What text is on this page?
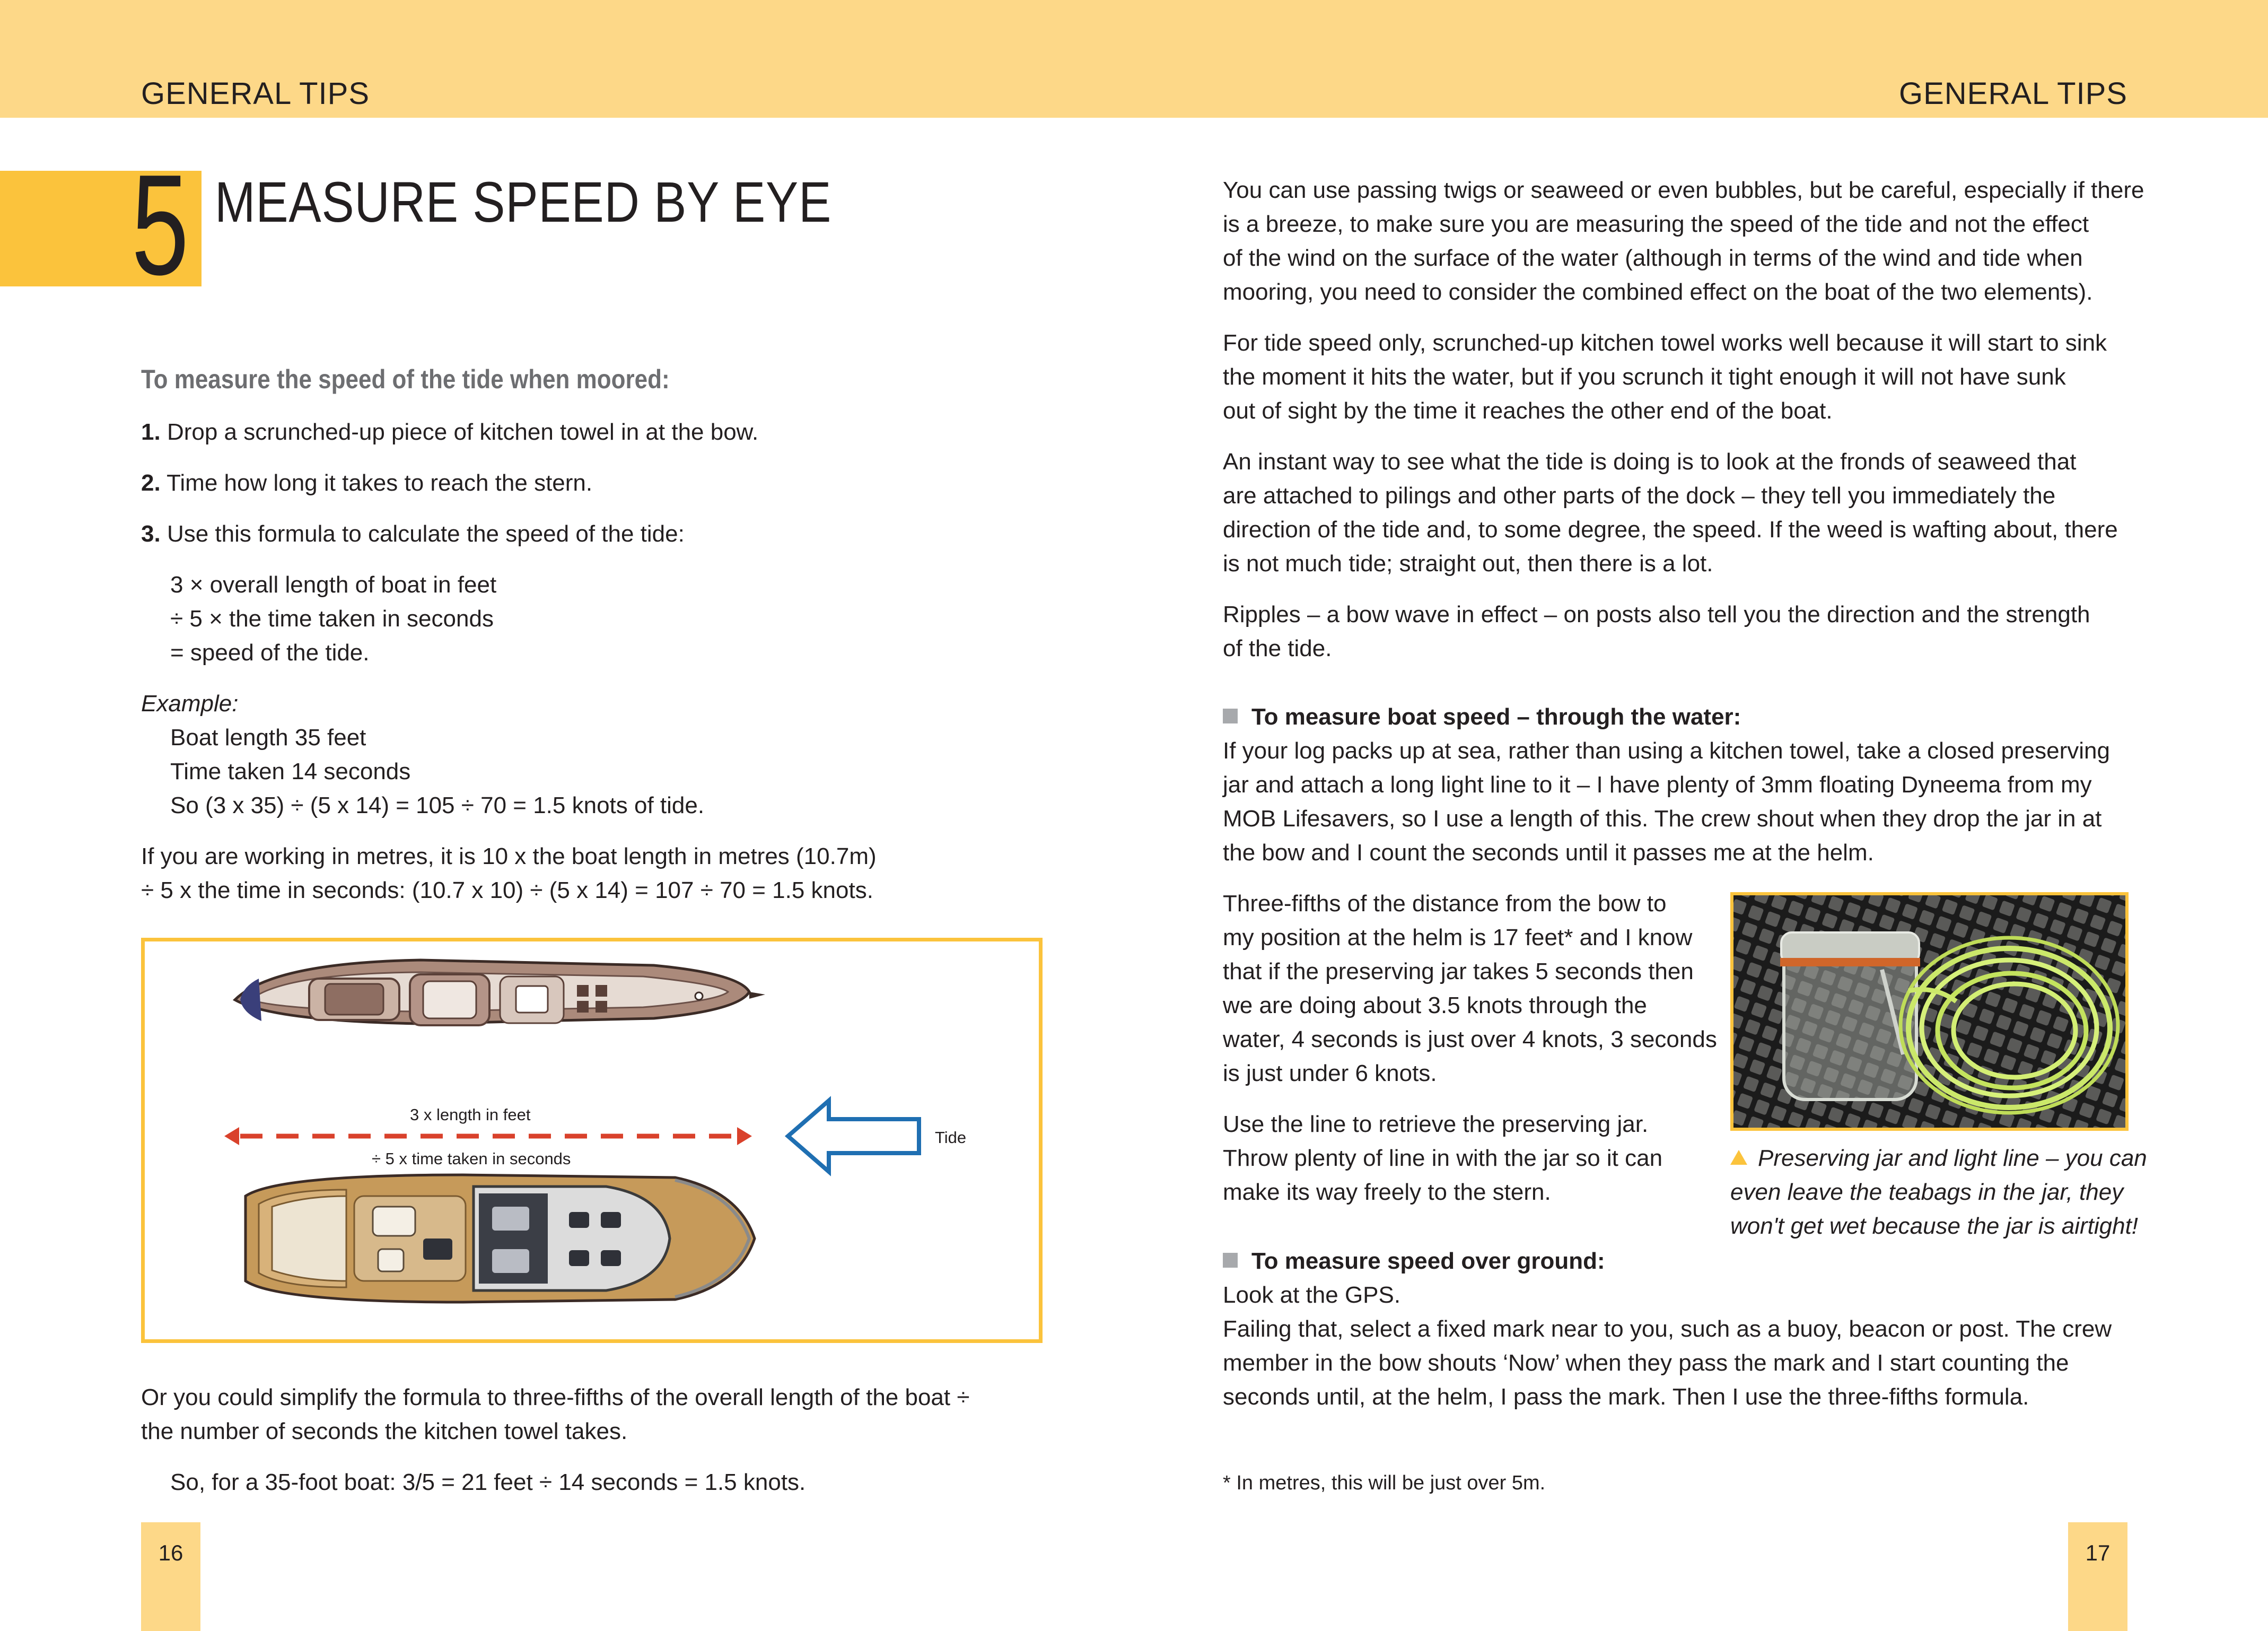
GENERAL TIPS	GENERAL TIPS
5 MEASURE SPEED BY EYE
To measure the speed of the tide when moored:
1. Drop a scrunched-up piece of kitchen towel in at the bow.
2. Time how long it takes to reach the stern.
3. Use this formula to calculate the speed of the tide:
3 × overall length of boat in feet
÷ 5 × the time taken in seconds
= speed of the tide.
Example:
Boat length 35 feet
Time taken 14 seconds
So (3 x 35) ÷ (5 x 14) = 105 ÷ 70 = 1.5 knots of tide.
If you are working in metres, it is 10 x the boat length in metres (10.7m)
÷ 5 x the time in seconds: (10.7 x 10) ÷ (5 x 14) = 107 ÷ 70 = 1.5 knots.
3 x length in feet
÷ 5 x time taken in seconds
Tide
Or you could simplify the formula to three-fifths of the overall length of the boat ÷
the number of seconds the kitchen towel takes.
So, for a 35-foot boat: 3/5 = 21 feet ÷ 14 seconds = 1.5 knots.
You can use passing twigs or seaweed or even bubbles, but be careful, especially if there
is a breeze, to make sure you are measuring the speed of the tide and not the effect
of the wind on the surface of the water (although in terms of the wind and tide when
mooring, you need to consider the combined effect on the boat of the two elements).
For tide speed only, scrunched-up kitchen towel works well because it will start to sink
the moment it hits the water, but if you scrunch it tight enough it will not have sunk
out of sight by the time it reaches the other end of the boat.
An instant way to see what the tide is doing is to look at the fronds of seaweed that
are attached to pilings and other parts of the dock – they tell you immediately the
direction of the tide and, to some degree, the speed. If the weed is wafting about, there
is not much tide; straight out, then there is a lot.
Ripples – a bow wave in effect – on posts also tell you the direction and the strength
of the tide.
To measure boat speed – through the water:
If your log packs up at sea, rather than using a kitchen towel, take a closed preserving
jar and attach a long light line to it – I have plenty of 3mm floating Dyneema from my
MOB Lifesavers, so I use a length of this. The crew shout when they drop the jar in at
the bow and I count the seconds until it passes me at the helm.
Three-fifths of the distance from the bow to
my position at the helm is 17 feet* and I know
that if the preserving jar takes 5 seconds then
we are doing about 3.5 knots through the
water, 4 seconds is just over 4 knots, 3 seconds
is just under 6 knots.
Use the line to retrieve the preserving jar.
Throw plenty of line in with the jar so it can
make its way freely to the stern.
Preserving jar and light line – you can
even leave the teabags in the jar, they
won't get wet because the jar is airtight!
To measure speed over ground:
Look at the GPS.
Failing that, select a fixed mark near to you, such as a buoy, beacon or post. The crew
member in the bow shouts ‘Now’ when they pass the mark and I start counting the
seconds until, at the helm, I pass the mark. Then I use the three-fifths formula.
* In metres, this will be just over 5m.
16	17
